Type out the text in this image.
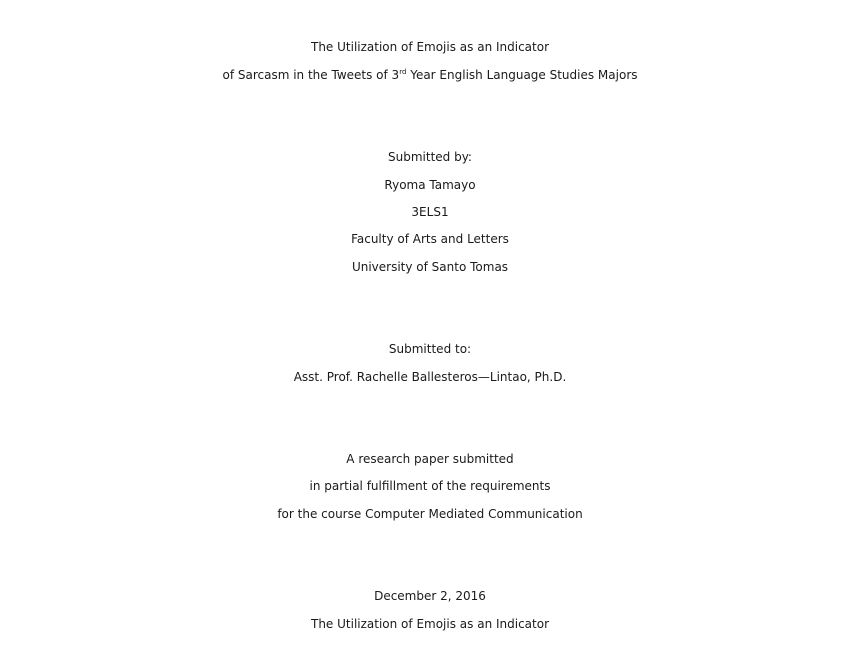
The Utilization of Emojis as an Indicator
of Sarcasm in the Tweets of 3rd Year English Language Studies Majors
Submitted by:
Ryoma Tamayo
3ELS1
Faculty of Arts and Letters
University of Santo Tomas
Submitted to:
Asst. Prof. Rachelle Ballesteros—Lintao, Ph.D.
A research paper submitted
in partial fulfillment of the requirements
for the course Computer Mediated Communication
December 2, 2016
The Utilization of Emojis as an Indicator
